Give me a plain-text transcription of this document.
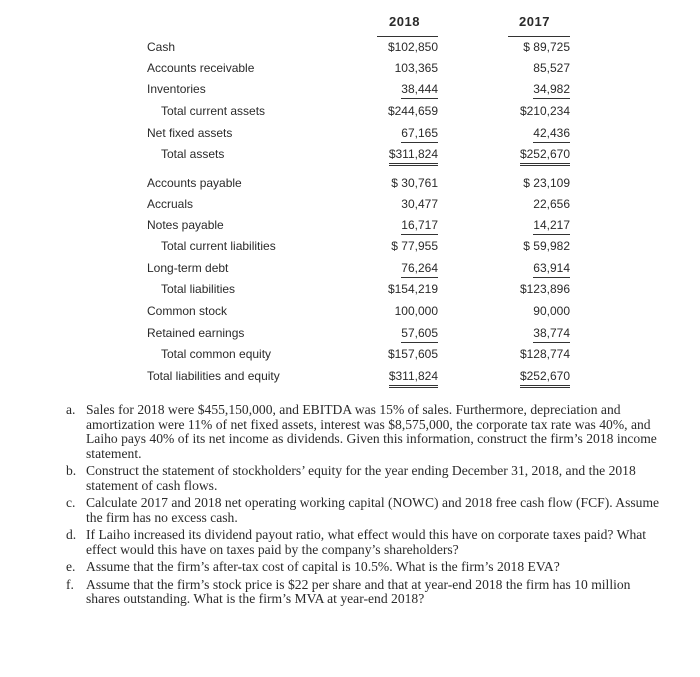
2018	2017
Cash	$102,850	$ 89,725
Accounts receivable	103,365	85,527
Inventories	38,444	34,982
Total current assets	$244,659	$210,234
Net fixed assets	67,165	42,436
Total assets	$311,824	$252,670
Accounts payable	$ 30,761	$ 23,109
Accruals	30,477	22,656
Notes payable	16,717	14,217
Total current liabilities	$ 77,955	$ 59,982
Long-term debt	76,264	63,914
Total liabilities	$154,219	$123,896
Common stock	100,000	90,000
Retained earnings	57,605	38,774
Total common equity	$157,605	$128,774
Total liabilities and equity	$311,824	$252,670
a. Sales for 2018 were $455,150,000, and EBITDA was 15% of sales. Furthermore, depreciation and amortization were 11% of net fixed assets, interest was $8,575,000, the corporate tax rate was 40%, and Laiho pays 40% of its net income as dividends. Given this information, construct the firm’s 2018 income statement.
b. Construct the statement of stockholders’ equity for the year ending December 31, 2018, and the 2018 statement of cash flows.
c. Calculate 2017 and 2018 net operating working capital (NOWC) and 2018 free cash flow (FCF). Assume the firm has no excess cash.
d. If Laiho increased its dividend payout ratio, what effect would this have on corporate taxes paid? What effect would this have on taxes paid by the company’s shareholders?
e. Assume that the firm’s after-tax cost of capital is 10.5%. What is the firm’s 2018 EVA?
f. Assume that the firm’s stock price is $22 per share and that at year-end 2018 the firm has 10 million shares outstanding. What is the firm’s MVA at year-end 2018?
